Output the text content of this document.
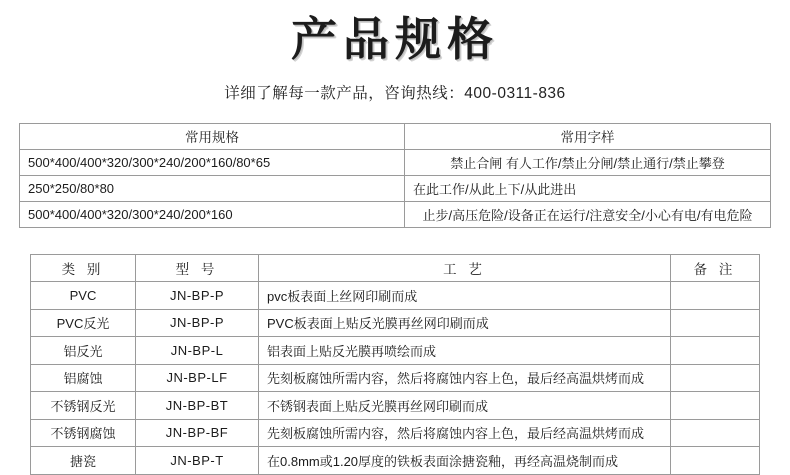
产品规格
详细了解每一款产品，咨询热线：400-0311-836
常用规格	常用字样
500*400/400*320/300*240/200*160/80*65	禁止合闸 有人工作/禁止分闸/禁止通行/禁止攀登
250*250/80*80	在此工作/从此上下/从此进出
500*400/400*320/300*240/200*160	止步/高压危险/设备正在运行/注意安全/小心有电/有电危险
类 别	型 号	工 艺	备 注
PVC	JN-BP-P	pvc板表面上丝网印刷而成	
PVC反光	JN-BP-P	PVC板表面上贴反光膜再丝网印刷而成	
铝反光	JN-BP-L	铝表面上贴反光膜再喷绘而成	
铝腐蚀	JN-BP-LF	先刻板腐蚀所需内容，然后将腐蚀内容上色，最后经高温烘烤而成	
不锈钢反光	JN-BP-BT	不锈钢表面上贴反光膜再丝网印刷而成	
不锈钢腐蚀	JN-BP-BF	先刻板腐蚀所需内容，然后将腐蚀内容上色，最后经高温烘烤而成	
搪瓷	JN-BP-T	在0.8mm或1.20厚度的铁板表面涂搪瓷釉，再经高温烧制而成	
